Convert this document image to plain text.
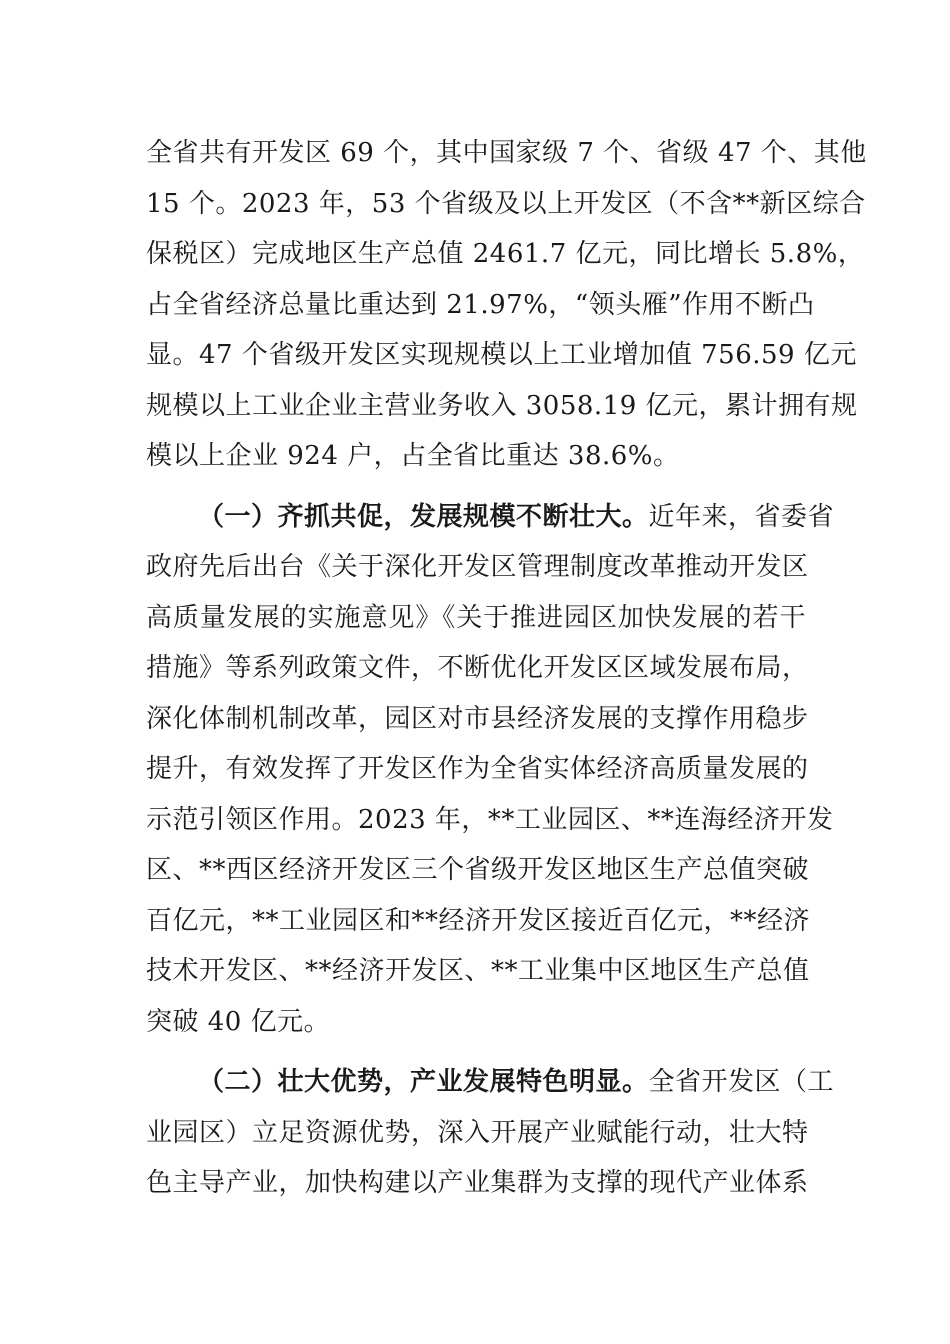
全省共有开发区 69 个，其中国家级 7 个、省级 47 个、其他
15 个。2023 年，53 个省级及以上开发区（不含**新区综合
保税区）完成地区生产总值 2461.7 亿元，同比增长 5.8%，
占全省经济总量比重达到 21.97%，“领头雁”作用不断凸
显。47 个省级开发区实现规模以上工业增加值 756.59 亿元
规模以上工业企业主营业务收入 3058.19 亿元，累计拥有规
模以上企业 924 户，占全省比重达 38.6%。
（一）齐抓共促，发展规模不断壮大。近年来，省委省
政府先后出台《关于深化开发区管理制度改革推动开发区
高质量发展的实施意见》《关于推进园区加快发展的若干
措施》等系列政策文件，不断优化开发区区域发展布局，
深化体制机制改革，园区对市县经济发展的支撑作用稳步
提升，有效发挥了开发区作为全省实体经济高质量发展的
示范引领区作用。2023 年，**工业园区、**连海经济开发
区、**西区经济开发区三个省级开发区地区生产总值突破
百亿元，**工业园区和**经济开发区接近百亿元，**经济
技术开发区、**经济开发区、**工业集中区地区生产总值
突破 40 亿元。
（二）壮大优势，产业发展特色明显。全省开发区（工
业园区）立足资源优势，深入开展产业赋能行动，壮大特
色主导产业，加快构建以产业集群为支撑的现代产业体系
